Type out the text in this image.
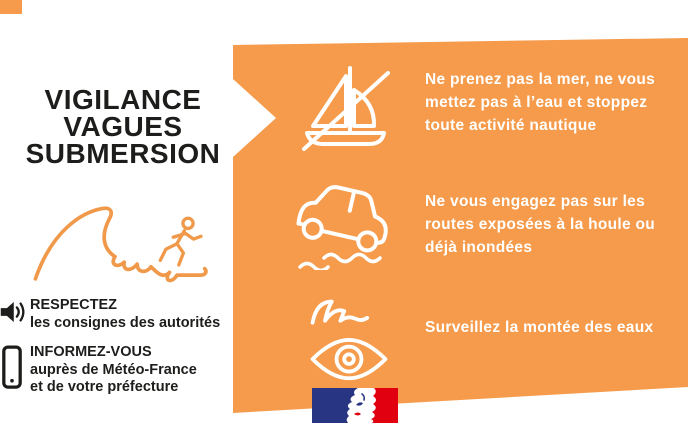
VIGILANCE
VAGUES
SUBMERSION
RESPECTEZ
les consignes des autorités
INFORMEZ-VOUS
auprès de Météo-France
et de votre préfecture
Ne prenez pas la mer, ne vous mettez pas à l’eau et stoppez toute activité nautique
Ne vous engagez pas sur les routes exposées à la houle ou déjà inondées
Surveillez la montée des eaux
